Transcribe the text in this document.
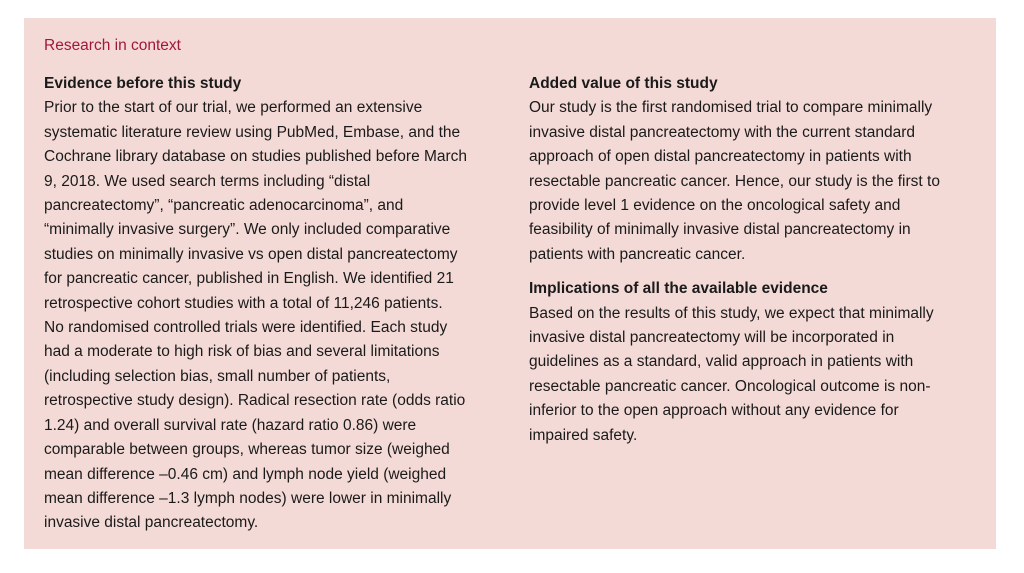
Research in context
Evidence before this study
Prior to the start of our trial, we performed an extensive
systematic literature review using PubMed, Embase, and the
Cochrane library database on studies published before March
9, 2018. We used search terms including “distal
pancreatectomy”, “pancreatic adenocarcinoma”, and
“minimally invasive surgery”. We only included comparative
studies on minimally invasive vs open distal pancreatectomy
for pancreatic cancer, published in English. We identified 21
retrospective cohort studies with a total of 11,246 patients.
No randomised controlled trials were identified. Each study
had a moderate to high risk of bias and several limitations
(including selection bias, small number of patients,
retrospective study design). Radical resection rate (odds ratio
1.24) and overall survival rate (hazard ratio 0.86) were
comparable between groups, whereas tumor size (weighed
mean difference –0.46 cm) and lymph node yield (weighed
mean difference –1.3 lymph nodes) were lower in minimally
invasive distal pancreatectomy.
Added value of this study
Our study is the first randomised trial to compare minimally
invasive distal pancreatectomy with the current standard
approach of open distal pancreatectomy in patients with
resectable pancreatic cancer. Hence, our study is the first to
provide level 1 evidence on the oncological safety and
feasibility of minimally invasive distal pancreatectomy in
patients with pancreatic cancer.
Implications of all the available evidence
Based on the results of this study, we expect that minimally
invasive distal pancreatectomy will be incorporated in
guidelines as a standard, valid approach in patients with
resectable pancreatic cancer. Oncological outcome is non-
inferior to the open approach without any evidence for
impaired safety.
